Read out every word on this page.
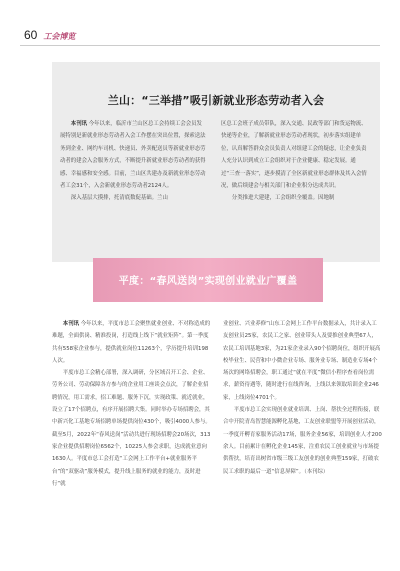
60 工会博览
兰山：“三举措”吸引新就业形态劳动者入会

本刊讯 今年以来，临沂市兰山区总工会持续工会会员发展特别是新就业形态劳动者入会工作摆在突出位置，探索送法务到企业、网约车司机、快递员、外卖配送员等新就业形态劳动者的建会入会服务方式，不断提升新就业形态劳动者的获得感、幸福感和安全感。目前，兰山区共建办及新就业形态劳动者工会31个，入会新就业形态劳动者2124人。

深入基层大摸排，托清底数促基础。兰山

区总工会班子成员带队，深入交通、民政等部门和货运物流、快递等企业，了解新就业形态劳动者现状，初步落实组建单位，认真解答群众会员负责人对组建工会的疑虑，让企业负责人充分认识到成立工会组织对于企业健康、稳定发展。通过“三查一落实”，逐步摸清了全区新就业形态群体及其入会情况，做后续建会与相关部门和企业积分达成共识。

分类推进大建建，工会组织全覆盖。因地制

平度：“春风送岗”实现创业就业广覆盖

本刊讯 今年以来，平度市总工会聚焦就业创业、不对称造成的难题，全面供岗、精准投岗，打造线上线下“就业矩阵”。第一季度共有558家企业参与，提供就业岗位11263个，学历提升培训198人次。

平度市总工会精心部署，深入调研，分区域召开工会、企业、劳务公司、劳动保障各方参与的企业用工座谈会点次，了解企业招聘情况，用工需求，招工难题、服务下沉，实现政策、就近就业，设立了17个招聘点，有序开展招聘大集。同时举办专场招聘会，其中新兴化工基地专场招聘单场提供岗位430个，吸引4000人参与。截至5月，2022年“春风送岗”活动共进行现场招聘会20场次，313家企业提供招聘岗位6562个，10225人参会求职，达成就业意向1630人。平度市总工会打造“工会网上工作平台+就业服务平台”的“双驱动”服务模式，提升线上服务的就业的能力，及时进行“就

业创业、兴业养修”山东工会网上工作平台数据录入，共计录入工友创业员25家，农民工之家、创业带头人及要推创业典型67人，农民工培训基地3家，为21家企业录入90个招聘岗位，组织开展高校毕业生、民营和中小微企业专场、服务业专场、制造业专场4个场次的网络招聘会，职工通过“就在平度”微信小程序查看岗位需求，薪资待遇等，随时进行在线咨询，上线以来领取培训企业246家，上线岗位4701个。

平度市总工会实现创业就业培训、上岗、帮扶全过程衔接，联合中开院青岛智慧能源孵化基地，工友创业联盟等开展创业活动，一季度开孵育家服务活动17场，服务企业56家，培训创业人才200余人。目前累计在孵化企业145家，注重农民工创业就业与市场提供帮扶，培育出树省市级三级工友创业的创业典型159家，打破农民工求职的最后一道“信息屏障”。（本刊综）
